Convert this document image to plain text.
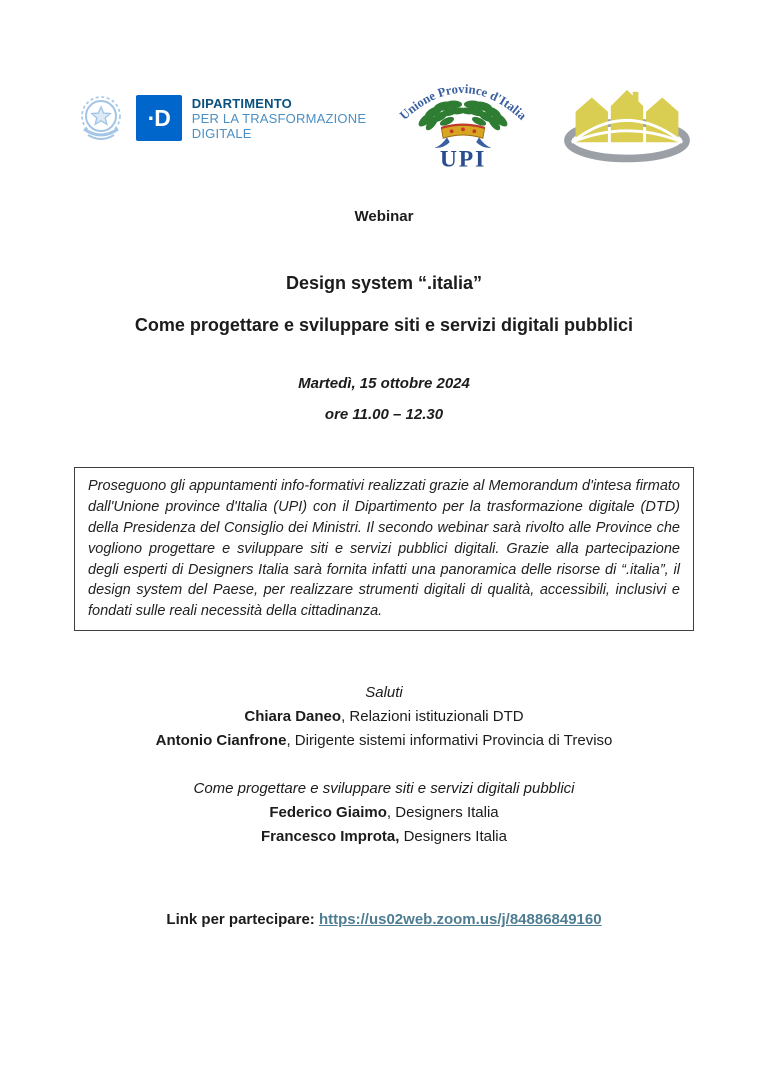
·D
DIPARTIMENTO
PER LA TRASFORMAZIONE
DIGITALE
Unione Province d'Italia
UPI
Webinar
Design system “.italia”
Come progettare e sviluppare siti e servizi digitali pubblici
Martedì, 15 ottobre 2024
ore 11.00 – 12.30

Proseguono gli appuntamenti info-formativi realizzati grazie al Memorandum d'intesa firmato dall'Unione province d'Italia (UPI) con il Dipartimento per la trasformazione digitale (DTD) della Presidenza del Consiglio dei Ministri. Il secondo webinar sarà rivolto alle Province che vogliono progettare e sviluppare siti e servizi pubblici digitali. Grazie alla partecipazione degli esperti di Designers Italia sarà fornita infatti una panoramica delle risorse di “.italia”, il design system del Paese, per realizzare strumenti digitali di qualità, accessibili, inclusivi e fondati sulle reali necessità della cittadinanza.

Saluti
Chiara Daneo, Relazioni istituzionali DTD
Antonio Cianfrone, Dirigente sistemi informativi Provincia di Treviso
Come progettare e sviluppare siti e servizi digitali pubblici
Federico Giaimo, Designers Italia
Francesco Improta, Designers Italia
Link per partecipare: https://us02web.zoom.us/j/84886849160
